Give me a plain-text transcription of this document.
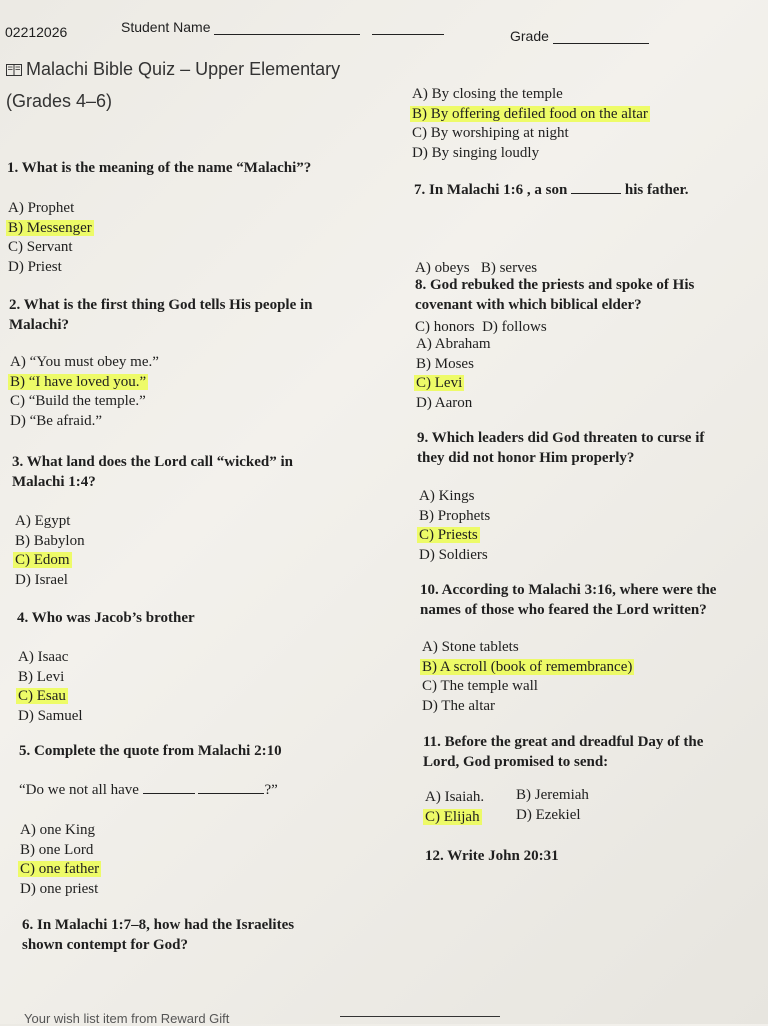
02212026	Student Name
Grade
Malachi Bible Quiz – Upper Elementary
(Grades 4–6)
1. What is the meaning of the name “Malachi”?
A) Prophet
B) Messenger
C) Servant
D) Priest
2. What is the first thing God tells His people in
Malachi?
A) “You must obey me.”
B) “I have loved you.”
C) “Build the temple.”
D) “Be afraid.”
3. What land does the Lord call “wicked” in
Malachi 1:4?
A) Egypt
B) Babylon
C) Edom
D) Israel
4. Who was Jacob’s brother
A) Isaac
B) Levi
C) Esau
D) Samuel
5. Complete the quote from Malachi 2:10
“Do we not all have	?”
A) one King
B) one Lord
C) one father
D) one priest
6. In Malachi 1:7–8, how had the Israelites
shown contempt for God?
A) By closing the temple
B) By offering defiled food on the altar
C) By worshiping at night
D) By singing loudly
7. In Malachi 1:6 , a son	his father.

A) obeys   B) serves

C) honors  D) follows

8. God rebuked the priests and spoke of His
covenant with which biblical elder?
A) Abraham
B) Moses
C) Levi
D) Aaron
9. Which leaders did God threaten to curse if
they did not honor Him properly?
A) Kings
B) Prophets
C) Priests
D) Soldiers
10. According to Malachi 3:16, where were the
names of those who feared the Lord written?
A) Stone tablets
B) A scroll (book of remembrance)
C) The temple wall
D) The altar
11. Before the great and dreadful Day of the
Lord, God promised to send:
A) Isaiah.
C) Elijah
B) Jeremiah
D) Ezekiel
12. Write John 20:31
Your wish list item from Reward Gift
